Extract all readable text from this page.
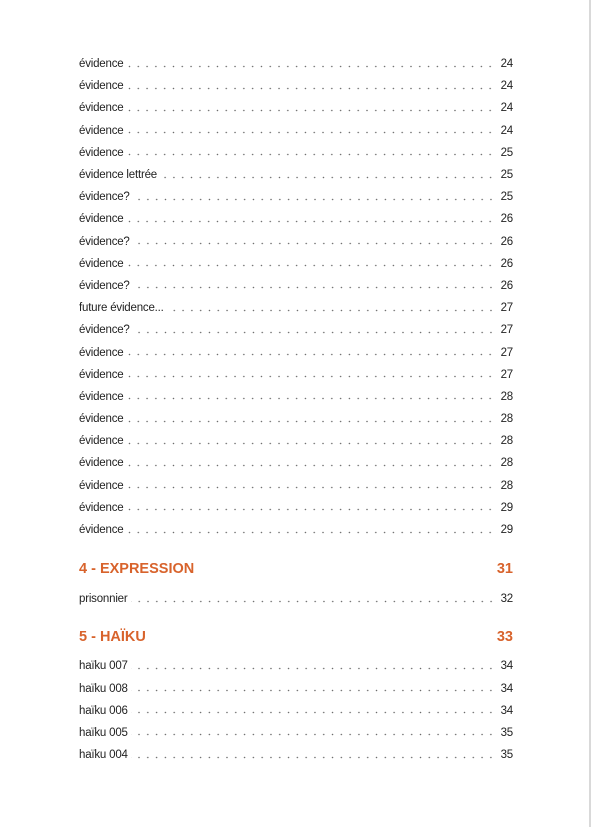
évidence	24
évidence	24
évidence	24
évidence	24
évidence	25
évidence lettrée	25
évidence?	25
évidence	26
évidence?	26
évidence	26
évidence?	26
future évidence...	27
évidence?	27
évidence	27
évidence	27
évidence	28
évidence	28
évidence	28
évidence	28
évidence	28
évidence	29
évidence	29
4 - EXPRESSION	31
prisonnier	32
5 - HAÏKU	33
haïku 007	34
haïku 008	34
haïku 006	34
haïku 005	35
haïku 004	35
